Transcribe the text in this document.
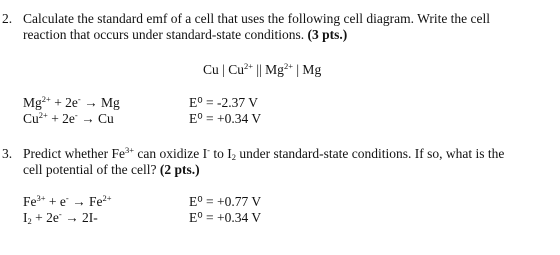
2. Calculate the standard emf of a cell that uses the following cell diagram. Write the cell
reaction that occurs under standard-state conditions. (3 pts.)
Cu | $Cu^{2+}$ || $Mg^{2+}$ | Mg
$Mg^{2+} + 2e^- \to Mg$	E⁰ = -2.37 V
$Cu^{2+} + 2e^- \to Cu$	E⁰ = +0.34 V
3. Predict whether $Fe^{3+}$ can oxidize I- to $I_2$ under standard-state conditions. If so, what is the
cell potential of the cell? (2 pts.)
$Fe^{3+} + e^- \to Fe^{2+}$	E⁰ = +0.77 V
$I_2 + 2e^- \to 2I-$	E⁰ = +0.34 V
